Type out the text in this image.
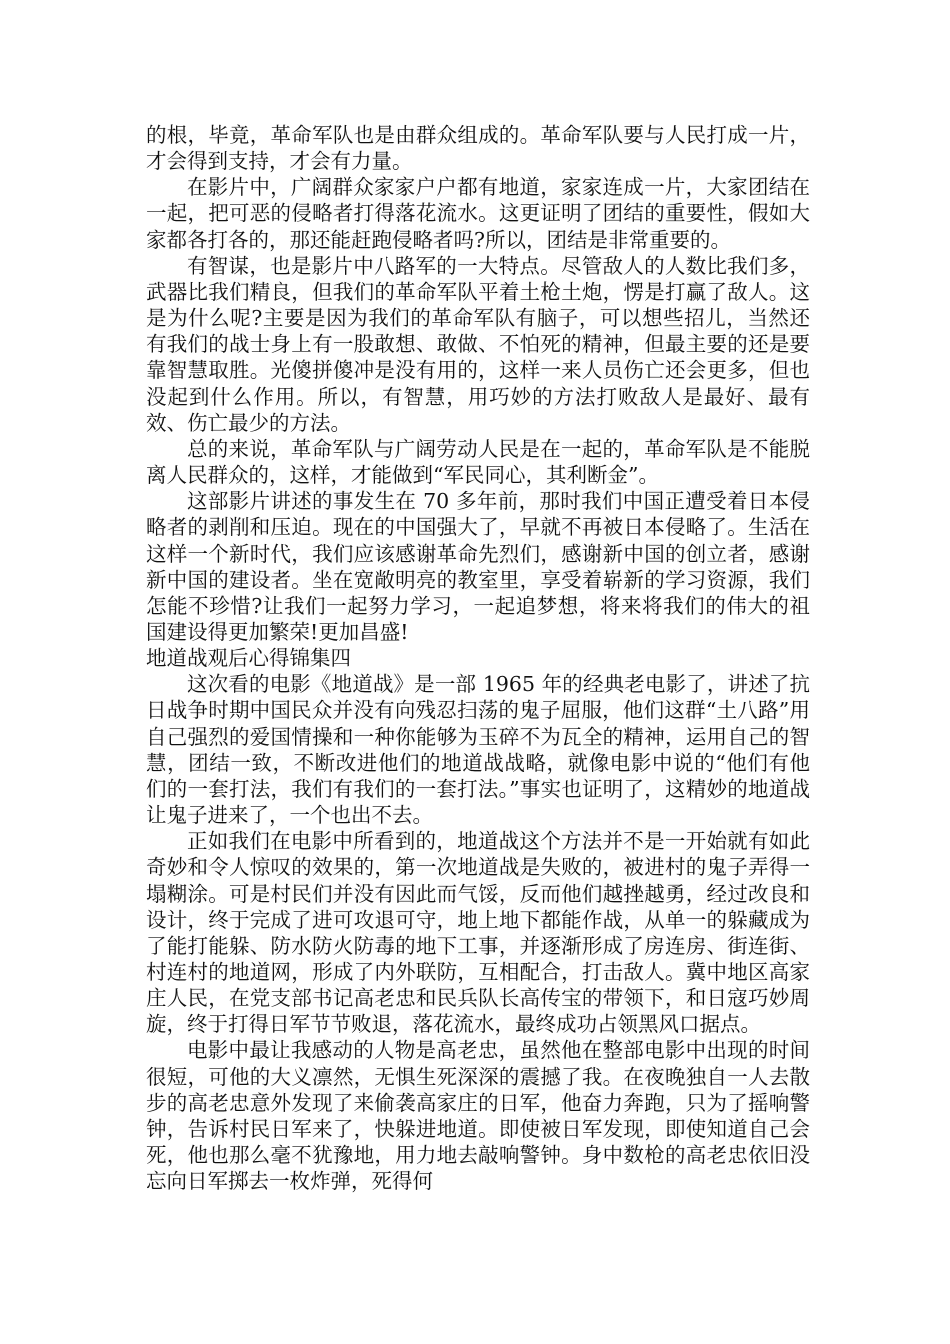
的根，毕竟，革命军队也是由群众组成的。革命军队要与人民打成一片，才会得到支持，才会有力量。

在影片中，广阔群众家家户户都有地道，家家连成一片，大家团结在一起，把可恶的侵略者打得落花流水。这更证明了团结的重要性，假如大家都各打各的，那还能赶跑侵略者吗?所以，团结是非常重要的。

有智谋，也是影片中八路军的一大特点。尽管敌人的人数比我们多，武器比我们精良，但我们的革命军队平着土枪土炮，愣是打赢了敌人。这是为什么呢?主要是因为我们的革命军队有脑子，可以想些招儿，当然还有我们的战士身上有一股敢想、敢做、不怕死的精神，但最主要的还是要靠智慧取胜。光傻拼傻冲是没有用的，这样一来人员伤亡还会更多，但也没起到什么作用。所以，有智慧，用巧妙的方法打败敌人是最好、最有效、伤亡最少的方法。

总的来说，革命军队与广阔劳动人民是在一起的，革命军队是不能脱离人民群众的，这样，才能做到“军民同心，其利断金”。

这部影片讲述的事发生在 70 多年前，那时我们中国正遭受着日本侵略者的剥削和压迫。现在的中国强大了，早就不再被日本侵略了。生活在这样一个新时代，我们应该感谢革命先烈们，感谢新中国的创立者，感谢新中国的建设者。坐在宽敞明亮的教室里，享受着崭新的学习资源，我们怎能不珍惜?让我们一起努力学习，一起追梦想，将来将我们的伟大的祖国建设得更加繁荣!更加昌盛!

地道战观后心得锦集四

这次看的电影《地道战》是一部 1965 年的经典老电影了，讲述了抗日战争时期中国民众并没有向残忍扫荡的鬼子屈服，他们这群“土八路”用自己强烈的爱国情操和一种你能够为玉碎不为瓦全的精神，运用自己的智慧，团结一致，不断改进他们的地道战战略，就像电影中说的“他们有他们的一套打法，我们有我们的一套打法。”事实也证明了，这精妙的地道战让鬼子进来了，一个也出不去。

正如我们在电影中所看到的，地道战这个方法并不是一开始就有如此奇妙和令人惊叹的效果的，第一次地道战是失败的，被进村的鬼子弄得一塌糊涂。可是村民们并没有因此而气馁，反而他们越挫越勇，经过改良和设计，终于完成了进可攻退可守，地上地下都能作战，从单一的躲藏成为了能打能躲、防水防火防毒的地下工事，并逐渐形成了房连房、街连街、村连村的地道网，形成了内外联防，互相配合，打击敌人。冀中地区高家庄人民，在党支部书记高老忠和民兵队长高传宝的带领下，和日寇巧妙周旋，终于打得日军节节败退，落花流水，最终成功占领黑风口据点。

电影中最让我感动的人物是高老忠，虽然他在整部电影中出现的时间很短，可他的大义凛然，无惧生死深深的震撼了我。在夜晚独自一人去散步的高老忠意外发现了来偷袭高家庄的日军，他奋力奔跑，只为了摇响警钟，告诉村民日军来了，快躲进地道。即使被日军发现，即使知道自己会死，他也那么毫不犹豫地，用力地去敲响警钟。身中数枪的高老忠依旧没忘向日军掷去一枚炸弹，死得何
